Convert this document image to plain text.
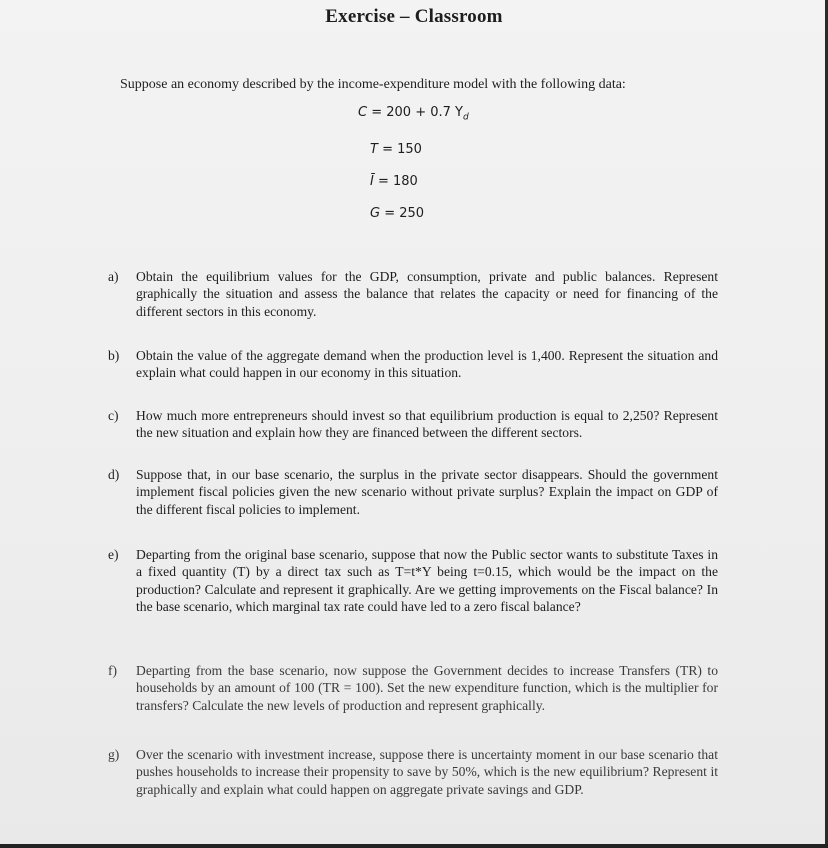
Exercise – Classroom
Suppose an economy described by the income-expenditure model with the following data:
C = 200 + 0.7 $Y_d$
T = 150
Ī = 180
G = 250
a)	Obtain the equilibrium values for the GDP, consumption, private and public balances. Represent graphically the situation and assess the balance that relates the capacity or need for financing of the different sectors in this economy.
b)	Obtain the value of the aggregate demand when the production level is 1,400. Represent the situation and explain what could happen in our economy in this situation.
c)	How much more entrepreneurs should invest so that equilibrium production is equal to 2,250? Represent the new situation and explain how they are financed between the different sectors.
d)	Suppose that, in our base scenario, the surplus in the private sector disappears. Should the government implement fiscal policies given the new scenario without private surplus? Explain the impact on GDP of the different fiscal policies to implement.
e)	Departing from the original base scenario, suppose that now the Public sector wants to substitute Taxes in a fixed quantity (T) by a direct tax such as T=t*Y being t=0.15, which would be the impact on the production? Calculate and represent it graphically. Are we getting improvements on the Fiscal balance? In the base scenario, which marginal tax rate could have led to a zero fiscal balance?
f)	Departing from the base scenario, now suppose the Government decides to increase Transfers (TR) to households by an amount of 100 (TR = 100). Set the new expenditure function, which is the multiplier for transfers? Calculate the new levels of production and represent graphically.
g)	Over the scenario with investment increase, suppose there is uncertainty moment in our base scenario that pushes households to increase their propensity to save by 50%, which is the new equilibrium? Represent it graphically and explain what could happen on aggregate private savings and GDP.
